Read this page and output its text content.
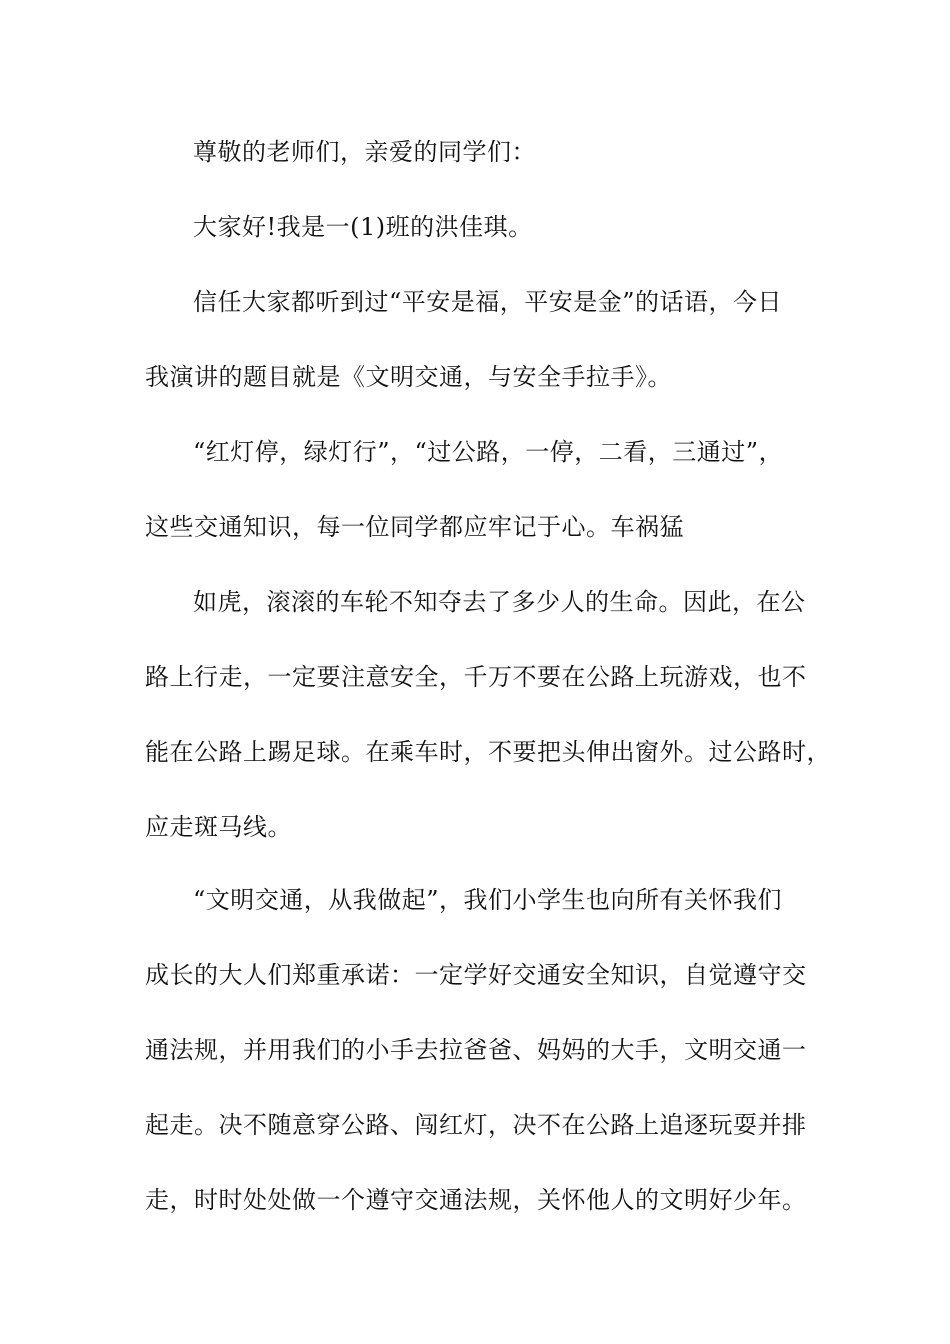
尊敬的老师们，亲爱的同学们：
大家好!我是一(1)班的洪佳琪。
信任大家都听到过“平安是福，平安是金”的话语，今日
我演讲的题目就是《文明交通，与安全手拉手》。
“红灯停，绿灯行”，“过公路，一停，二看，三通过”，
这些交通知识，每一位同学都应牢记于心。车祸猛
如虎，滚滚的车轮不知夺去了多少人的生命。因此，在公
路上行走，一定要注意安全，千万不要在公路上玩游戏，也不
能在公路上踢足球。在乘车时，不要把头伸出窗外。过公路时，
应走斑马线。
“文明交通，从我做起”，我们小学生也向所有关怀我们
成长的大人们郑重承诺：一定学好交通安全知识，自觉遵守交
通法规，并用我们的小手去拉爸爸、妈妈的大手，文明交通一
起走。决不随意穿公路、闯红灯，决不在公路上追逐玩耍并排
走，时时处处做一个遵守交通法规，关怀他人的文明好少年。
